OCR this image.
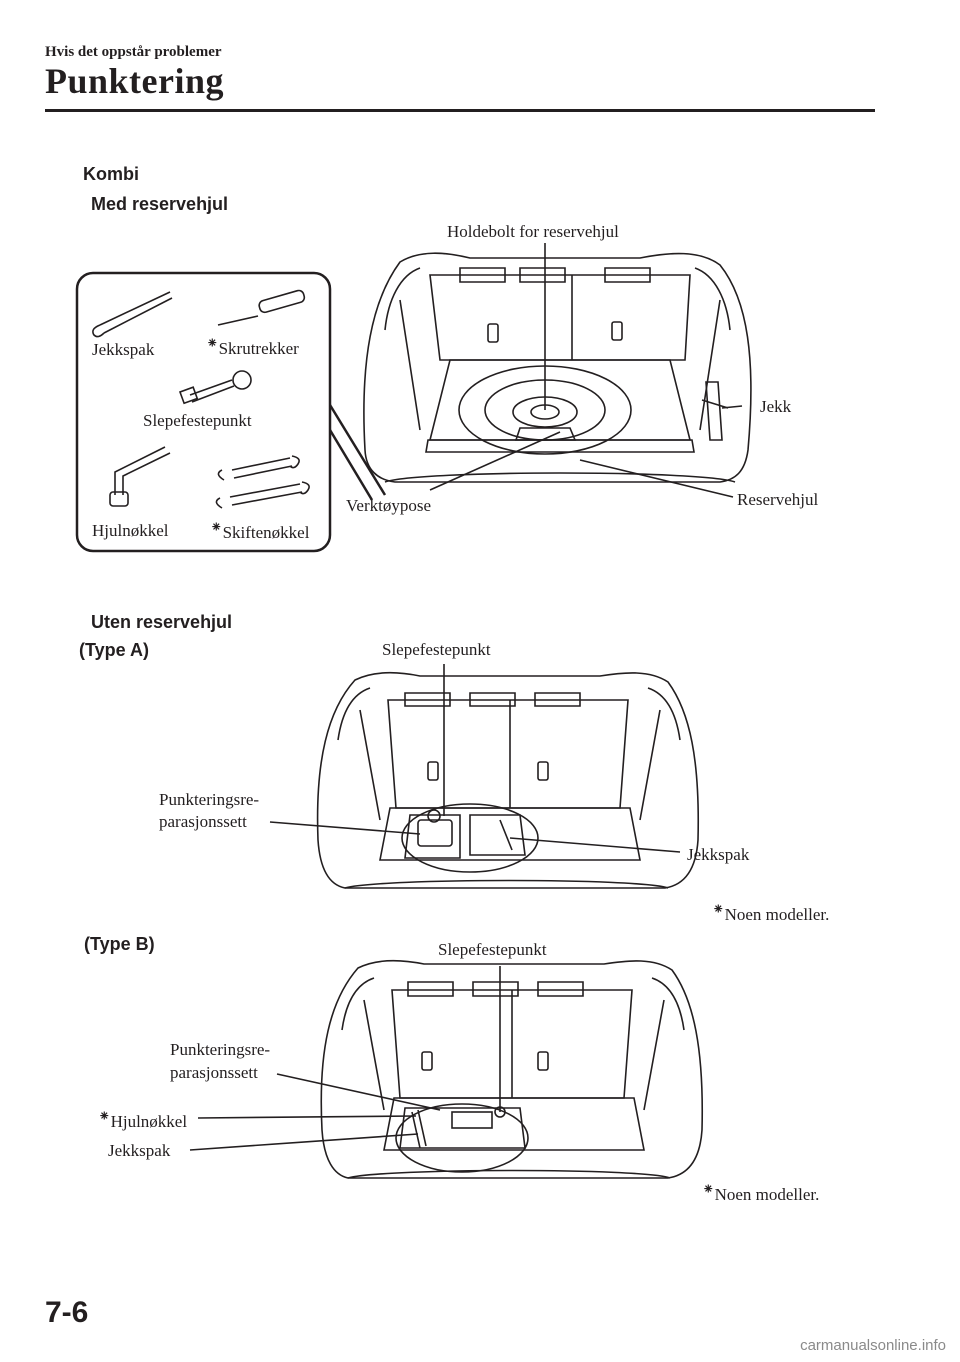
Hvis det oppstår problemer
Punktering
Kombi
Med reservehjul
Uten reservehjul
(Type A)
(Type B)
Holdebolt for reservehjul
Jekkspak	⁕Skrutrekker
Slepefestepunkt
Jekk
Hjulnøkkel	⁕Skiftenøkkel
Verktøypose	Reservehjul
Slepefestepunkt
Punkteringsre-
parasjonssett
Jekkspak
⁕Noen modeller.
Slepefestepunkt
Punkteringsre-
parasjonssett
⁕Hjulnøkkel
Jekkspak
⁕Noen modeller.
7-6
carmanualsonline.info
